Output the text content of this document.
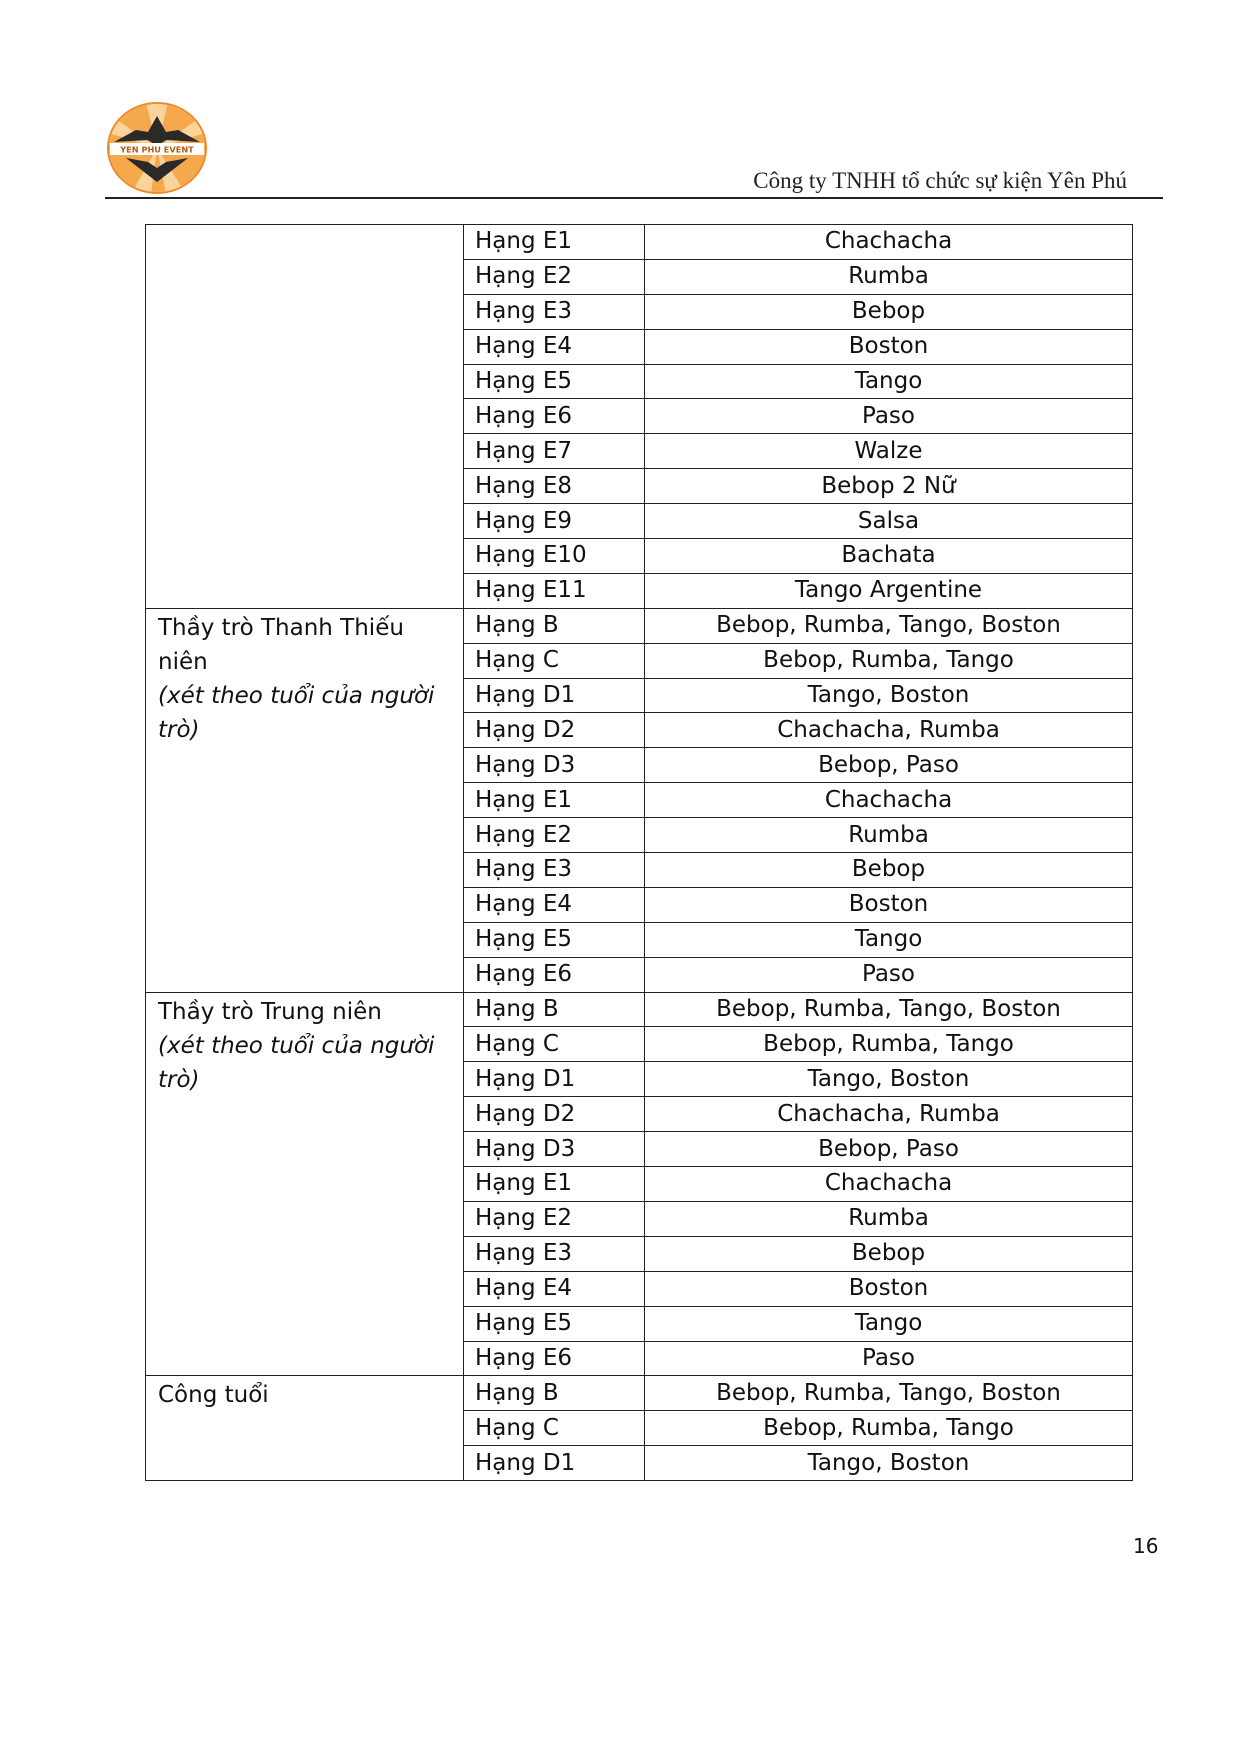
YEN PHU EVENT
Công ty TNHH tổ chức sự kiện Yên Phú
	Hạng E1	Chachacha
	Hạng E2	Rumba
	Hạng E3	Bebop
	Hạng E4	Boston
	Hạng E5	Tango
	Hạng E6	Paso
	Hạng E7	Walze
	Hạng E8	Bebop 2 Nữ
	Hạng E9	Salsa
	Hạng E10	Bachata
	Hạng E11	Tango Argentine

Thầy trò Thanh Thiếu
niên
(xét theo tuổi của người
trò)	Hạng B	Bebop, Rumba, Tango, Boston
	Hạng C	Bebop, Rumba, Tango
	Hạng D1	Tango, Boston
	Hạng D2	Chachacha, Rumba
	Hạng D3	Bebop, Paso
	Hạng E1	Chachacha
	Hạng E2	Rumba
	Hạng E3	Bebop
	Hạng E4	Boston
	Hạng E5	Tango
	Hạng E6	Paso

Thầy trò Trung niên
(xét theo tuổi của người
trò)	Hạng B	Bebop, Rumba, Tango, Boston
	Hạng C	Bebop, Rumba, Tango
	Hạng D1	Tango, Boston
	Hạng D2	Chachacha, Rumba
	Hạng D3	Bebop, Paso
	Hạng E1	Chachacha
	Hạng E2	Rumba
	Hạng E3	Bebop
	Hạng E4	Boston
	Hạng E5	Tango
	Hạng E6	Paso

Công tuổi	Hạng B	Bebop, Rumba, Tango, Boston
	Hạng C	Bebop, Rumba, Tango
	Hạng D1	Tango, Boston
16
